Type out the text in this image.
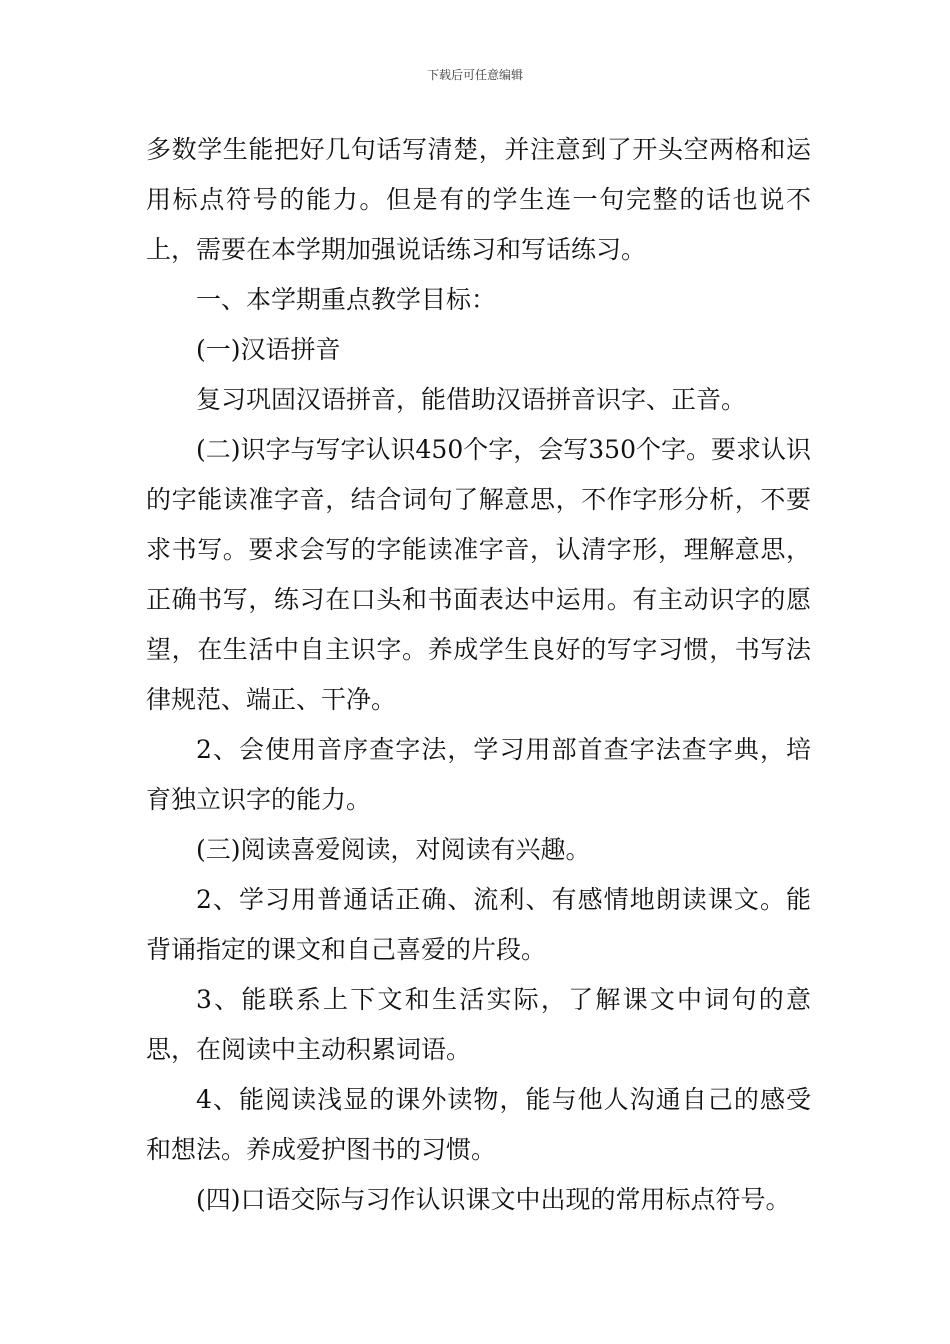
下载后可任意编辑

多数学生能把好几句话写清楚，并注意到了开头空两格和运用标点符号的能力。但是有的学生连一句完整的话也说不上，需要在本学期加强说话练习和写话练习。

一、本学期重点教学目标：

(一)汉语拼音

复习巩固汉语拼音，能借助汉语拼音识字、正音。

(二)识字与写字认识450个字，会写350个字。要求认识的字能读准字音，结合词句了解意思，不作字形分析，不要求书写。要求会写的字能读准字音，认清字形，理解意思，正确书写，练习在口头和书面表达中运用。有主动识字的愿望，在生活中自主识字。养成学生良好的写字习惯，书写法律规范、端正、干净。

2、会使用音序查字法，学习用部首查字法查字典，培育独立识字的能力。

(三)阅读喜爱阅读，对阅读有兴趣。

2、学习用普通话正确、流利、有感情地朗读课文。能背诵指定的课文和自己喜爱的片段。

3、能联系上下文和生活实际，了解课文中词句的意思，在阅读中主动积累词语。

4、能阅读浅显的课外读物，能与他人沟通自己的感受和想法。养成爱护图书的习惯。

(四)口语交际与习作认识课文中出现的常用标点符号。
